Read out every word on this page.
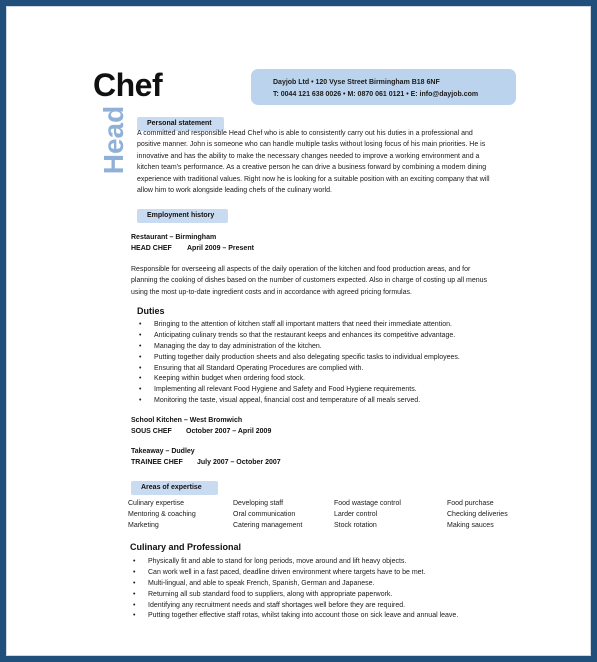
Chef
Head
Dayjob Ltd • 120 Vyse Street Birmingham B18 6NF
T: 0044 121 638 0026 • M: 0870 061 0121 • E: info@dayjob.com
Personal statement
A committed and responsible Head Chef who is able to consistently carry out his duties in a professional and
positive manner. John is someone who can handle multiple tasks without losing focus of his main priorities. He is
innovative and has the ability to make the necessary changes needed to improve a working environment and a
kitchen team's performance. As a creative person he can drive a business forward by combining a modern dining
experience with traditional values. Right now he is looking for a suitable position with an exciting company that will
allow him to work alongside leading chefs of the culinary world.
Employment history
Restaurant – Birmingham
HEAD CHEF April 2009 – Present
Responsible for overseeing all aspects of the daily operation of the kitchen and food production areas, and for
planning the cooking of dishes based on the number of customers expected. Also in charge of costing up all menus
using the most up-to-date ingredient costs and in accordance with agreed pricing formulas.
Duties
• Bringing to the attention of kitchen staff all important matters that need their immediate attention.
• Anticipating culinary trends so that the restaurant keeps and enhances its competitive advantage.
• Managing the day to day administration of the kitchen.
• Putting together daily production sheets and also delegating specific tasks to individual employees.
• Ensuring that all Standard Operating Procedures are complied with.
• Keeping within budget when ordering food stock.
• Implementing all relevant Food Hygiene and Safety and Food Hygiene requirements.
• Monitoring the taste, visual appeal, financial cost and temperature of all meals served.
School Kitchen – West Bromwich
SOUS CHEF October 2007 – April 2009
Takeaway – Dudley
TRAINEE CHEF July 2007 – October 2007
Areas of expertise
Culinary expertise
Mentoring & coaching
Marketing
Developing staff
Oral communication
Catering management
Food wastage control
Larder control
Stock rotation
Food purchase
Checking deliveries
Making sauces
Culinary and Professional
• Physically fit and able to stand for long periods, move around and lift heavy objects.
• Can work well in a fast paced, deadline driven environment where targets have to be met.
• Multi-lingual, and able to speak French, Spanish, German and Japanese.
• Returning all sub standard food to suppliers, along with appropriate paperwork.
• Identifying any recruitment needs and staff shortages well before they are required.
• Putting together effective staff rotas, whilst taking into account those on sick leave and annual leave.
